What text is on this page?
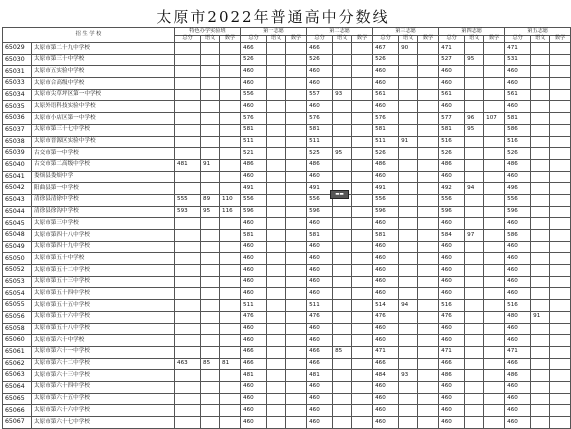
太原市2022年普通高中分数线
招 生 学 校		特色办学实验班			第一志愿			第二志愿			第三志愿			第四志愿			第五志愿		
		总分	语文	数学	总分	语文	数学	总分	语文	数学	总分	语文	数学	总分	语文	数学	总分	语文	数学
65029	太原市第二十九中学校				466			466			467	90		471			471		
65030	太原市第三十中学校				526			526			526			527	95		531		
65031	太原市五实验中学校				460			460			460			460			460		
65033	太原市合高级中学校				460			460			460			460			460		
65034	太原市尖草坪区第一中学校				556			557	93		561			561			561		
65035	太原外语科技实验中学校				460			460			460			460			460		
65036	太原市小店区第一中学校				576			576			576			577	96	107	581		
65037	太原市第三十七中学校				581			581			581			581	95		586		
65038	太原市晋源区实验中学校				511			511			511	91		516			516		
65039	古交市第一中学校				521			525	95		526			526			526		
65040	古交市第二高级中学校	481	91		486			486			486			486			486		
65041	娄烦县娄烦中学				460			460			460			460			460		
65042	阳曲县第一中学校				491			491			491			492	94		496		
65043	清徐县清徐中学校	555	89	110	556			556			556			556			556		
65044	清徐县徐沟中学校	593	95	116	596			596			596			596			596		
65045	太原市第三中学校				460			460			460			460			460		
65048	太原市第四十八中学校				581			581			581			584	97		586		
65049	太原市第四十九中学校				460			460			460			460			460		
65050	太原市第五十中学校				460			460			460			460			460		
65052	太原市第五十二中学校				460			460			460			460			460		
65053	太原市第五十三中学校				460			460			460			460			460		
65054	太原市第五十四中学校				460			460			460			460			460		
65055	太原市第五十五中学校				511			511			514	94		516			516		
65056	太原市第五十六中学校				476			476			476			476			480	91	
65058	太原市第五十八中学校				460			460			460			460			460		
65060	太原市第六十中学校				460			460			460			460			460		
65061	太原市第六十一中学校				466			466	85		471			471			471		
65062	太原市第六十二中学校	463	85	81	466			466			466			466			466		
65063	太原市第六十三中学校				481			481			484	93		486			486		
65064	太原市第六十四中学校				460			460			460			460			460		
65065	太原市第六十五中学校				460			460			460			460			460		
65066	太原市第六十六中学校				460			460			460			460			460		
65067	太原市第六十七中学校				460			460			460			460			460		
▬▬
